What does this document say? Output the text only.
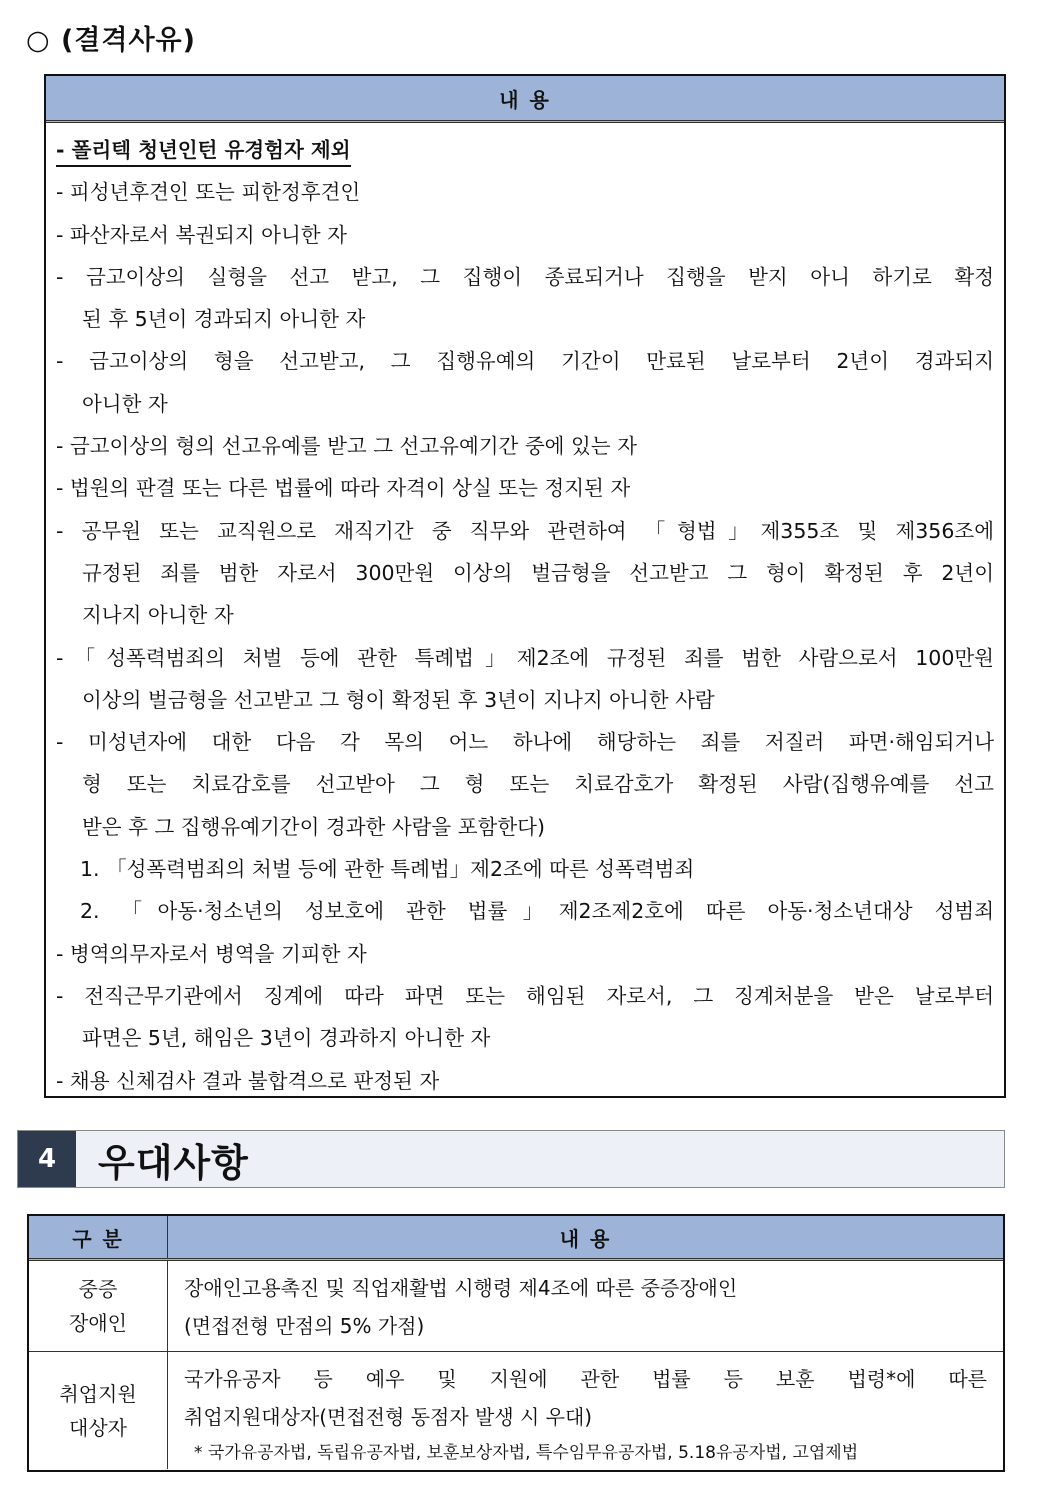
○ (결격사유)
내 용
- 폴리텍 청년인턴 유경험자 제외
- 피성년후견인 또는 피한정후견인
- 파산자로서 복권되지 아니한 자
- 금고이상의 실형을 선고 받고, 그 집행이 종료되거나 집행을 받지 아니 하기로 확정
된 후 5년이 경과되지 아니한 자
- 금고이상의 형을 선고받고, 그 집행유예의 기간이 만료된 날로부터 2년이 경과되지
아니한 자
- 금고이상의 형의 선고유예를 받고 그 선고유예기간 중에 있는 자
- 법원의 판결 또는 다른 법률에 따라 자격이 상실 또는 정지된 자
- 공무원 또는 교직원으로 재직기간 중 직무와 관련하여 「형법」제355조 및 제356조에
규정된 죄를 범한 자로서 300만원 이상의 벌금형을 선고받고 그 형이 확정된 후 2년이
지나지 아니한 자
-「성폭력범죄의 처벌 등에 관한 특례법」제2조에 규정된 죄를 범한 사람으로서 100만원
이상의 벌금형을 선고받고 그 형이 확정된 후 3년이 지나지 아니한 사람
- 미성년자에 대한 다음 각 목의 어느 하나에 해당하는 죄를 저질러 파면·해임되거나
형 또는 치료감호를 선고받아 그 형 또는 치료감호가 확정된 사람(집행유예를 선고
받은 후 그 집행유예기간이 경과한 사람을 포함한다)
1. 「성폭력범죄의 처벌 등에 관한 특례법」제2조에 따른 성폭력범죄
2. 「아동·청소년의 성보호에 관한 법률」제2조제2호에 따른 아동·청소년대상 성범죄
- 병역의무자로서 병역을 기피한 자
- 전직근무기관에서 징계에 따라 파면 또는 해임된 자로서, 그 징계처분을 받은 날로부터
파면은 5년, 해임은 3년이 경과하지 아니한 자
- 채용 신체검사 결과 불합격으로 판정된 자
4	우대사항
구 분	내 용
중증
장애인
장애인고용촉진 및 직업재활법 시행령 제4조에 따른 중증장애인
(면접전형 만점의 5% 가점)
취업지원
대상자
국가유공자 등 예우 및 지원에 관한 법률 등 보훈 법령*에 따른
취업지원대상자(면접전형 동점자 발생 시 우대)
* 국가유공자법, 독립유공자법, 보훈보상자법, 특수임무유공자법, 5.18유공자법, 고엽제법
